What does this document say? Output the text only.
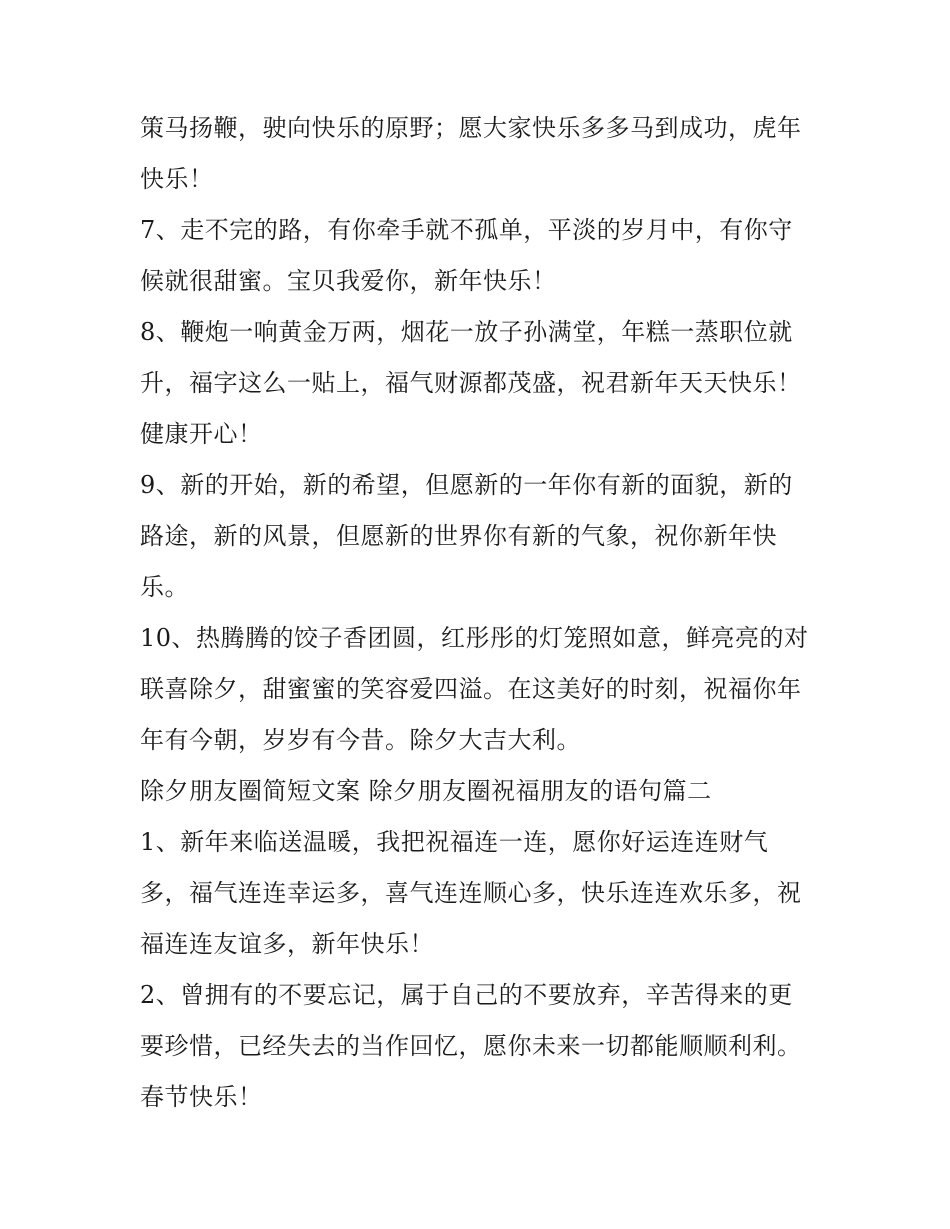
策马扬鞭，驶向快乐的原野；愿大家快乐多多马到成功，虎年
快乐！
7、走不完的路，有你牵手就不孤单，平淡的岁月中，有你守
候就很甜蜜。宝贝我爱你，新年快乐！
8、鞭炮一响黄金万两，烟花一放子孙满堂，年糕一蒸职位就
升，福字这么一贴上，福气财源都茂盛，祝君新年天天快乐！
健康开心！
9、新的开始，新的希望，但愿新的一年你有新的面貌，新的
路途，新的风景，但愿新的世界你有新的气象，祝你新年快
乐。
10、热腾腾的饺子香团圆，红彤彤的灯笼照如意，鲜亮亮的对
联喜除夕，甜蜜蜜的笑容爱四溢。在这美好的时刻，祝福你年
年有今朝，岁岁有今昔。除夕大吉大利。
除夕朋友圈简短文案 除夕朋友圈祝福朋友的语句篇二
1、新年来临送温暖，我把祝福连一连，愿你好运连连财气
多，福气连连幸运多，喜气连连顺心多，快乐连连欢乐多，祝
福连连友谊多，新年快乐！
2、曾拥有的不要忘记，属于自己的不要放弃，辛苦得来的更
要珍惜，已经失去的当作回忆，愿你未来一切都能顺顺利利。
春节快乐！
